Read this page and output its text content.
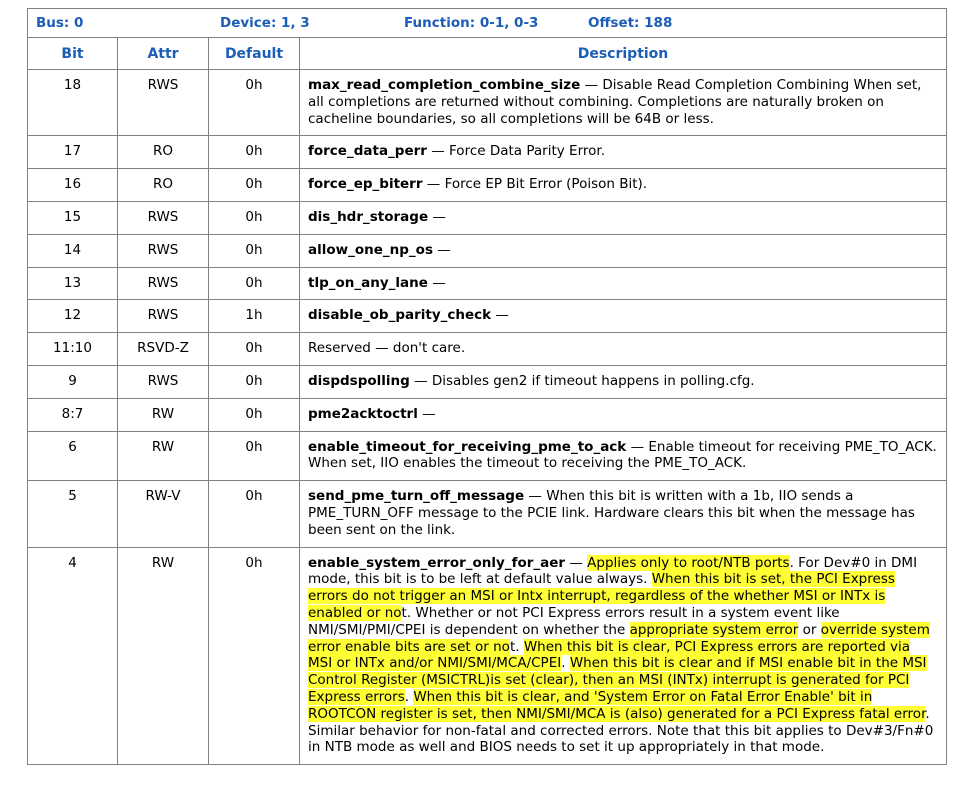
Bus: 0 Device: 1, 3 Function: 0-1, 0-3 Offset: 188			
Bit	Attr	Default	Description
18	RWS	0h	max_read_completion_combine_size — Disable Read Completion Combining When set, all completions are returned without combining. Completions are naturally broken on cacheline boundaries, so all completions will be 64B or less.
17	RO	0h	force_data_perr — Force Data Parity Error.
16	RO	0h	force_ep_biterr — Force EP Bit Error (Poison Bit).
15	RWS	0h	dis_hdr_storage —
14	RWS	0h	allow_one_np_os —
13	RWS	0h	tlp_on_any_lane —
12	RWS	1h	disable_ob_parity_check —
11:10	RSVD-Z	0h	Reserved — don't care.
9	RWS	0h	dispdspolling — Disables gen2 if timeout happens in polling.cfg.
8:7	RW	0h	pme2acktoctrl —
6	RW	0h	enable_timeout_for_receiving_pme_to_ack — Enable timeout for receiving PME_TO_ACK.
When set, IIO enables the timeout to receiving the PME_TO_ACK.
5	RW-V	0h	send_pme_turn_off_message — When this bit is written with a 1b, IIO sends a PME_TURN_OFF message to the PCIE link. Hardware clears this bit when the message has been sent on the link.
4	RW	0h	enable_system_error_only_for_aer — Applies only to root/NTB ports. For Dev#0 in DMI mode, this bit is to be left at default value always. When this bit is set, the PCI Express errors do not trigger an MSI or Intx interrupt, regardless of the whether MSI or INTx is enabled or not. Whether or not PCI Express errors result in a system event like NMI/SMI/PMI/CPEI is dependent on whether the appropriate system error or override system error enable bits are set or not. When this bit is clear, PCI Express errors are reported via MSI or INTx and/or NMI/SMI/MCA/CPEI. When this bit is clear and if MSI enable bit in the MSI Control Register (MSICTRL)is set (clear), then an MSI (INTx) interrupt is generated for PCI Express errors. When this bit is clear, and 'System Error on Fatal Error Enable' bit in ROOTCON register is set, then NMI/SMI/MCA is (also) generated for a PCI Express fatal error. Similar behavior for non-fatal and corrected errors. Note that this bit applies to Dev#3/Fn#0 in NTB mode as well and BIOS needs to set it up appropriately in that mode.
